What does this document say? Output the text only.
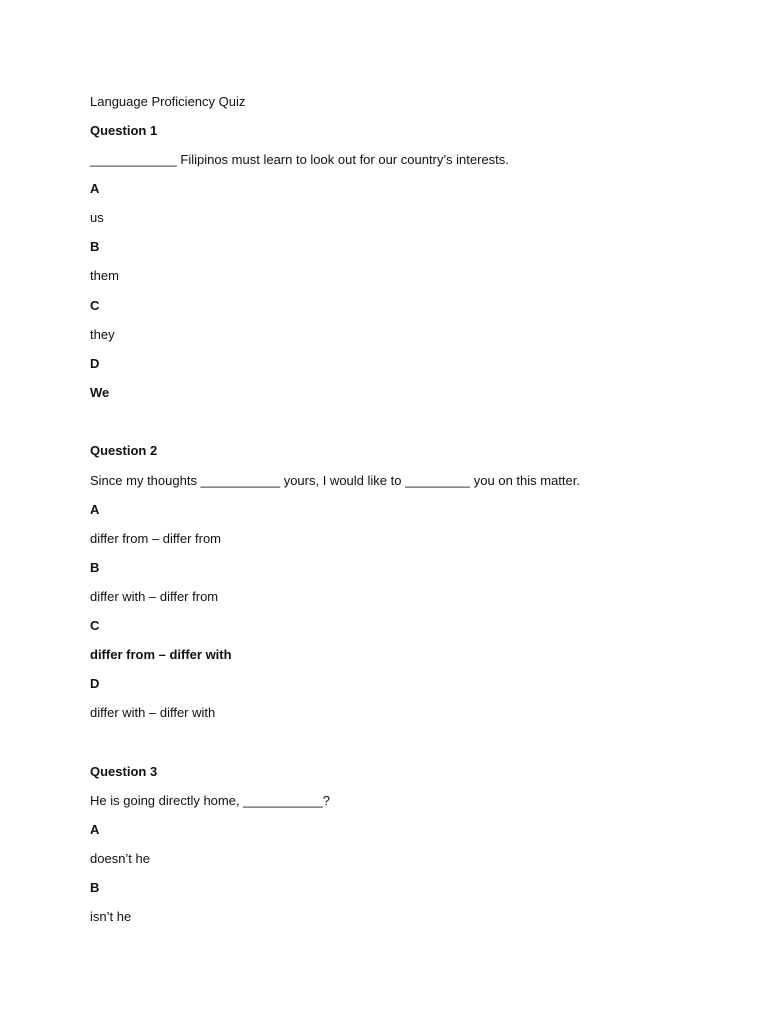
Language Proficiency Quiz
Question 1
____________ Filipinos must learn to look out for our country’s interests.
A
us
B
them
C
they
D
We
Question 2
Since my thoughts ___________ yours, I would like to _________ you on this matter.
A
differ from – differ from
B
differ with – differ from
C
differ from – differ with
D
differ with – differ with
Question 3
He is going directly home, ___________?
A
doesn’t he
B
isn’t he
